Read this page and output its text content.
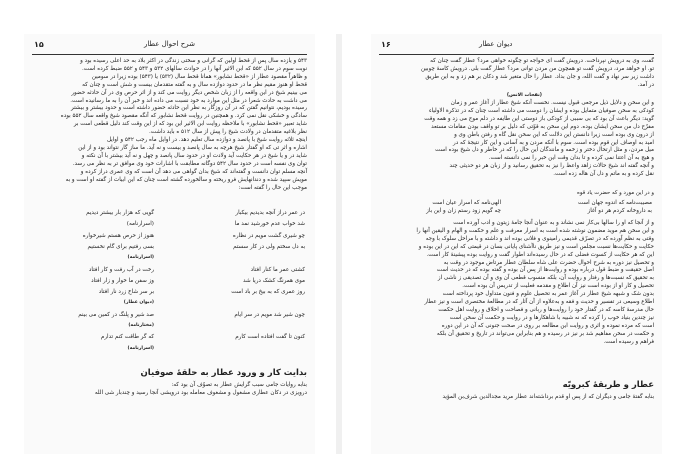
شرح احوال عطار
۱۵
۵۴۳ و یازده سال پس از قحط اولین که گرانی و سختی زندگی در اکثر بلاد به حد اعلی رسیده بود و
نوبت سوم در سال ۵۵۲ که ابن الاثیر آنها را در حوادث سالهای ۵۳۲ و ۵۴۳ و ۵۵۲ ضبط کرده است.
و ظاهراً مقصود عطار از «قحط نشابور» همانا قحط سال (۵۳۲) یا (۵۴۳) بوده زیرا در سومین
قحط او هنوز مقیم نظر ما در حدود دوازده سال و به گفته متقدمان بیست و شش است و چنان که
می بینیم شیخ در این واقعه را از زبان شخص دیگر روایت می کند و از اثر حرص وی در آن حادثه حضور
می داشت به حادث شعرا در مثل این موارد به خود نسبت می داده اند و خبر آن را به ما رسانیده است.
رسیده بودیم، نتوانیم گفتن که در آن روزگار به نظر این حادثه حضور داشته است و حدود بیشتر و بیشتر
سادگی و خشکی نقل نمی کرد. و همچنین در روایت قحط نشابور که آنگه مقصود شیخ واقعه سال ۵۵۲ بوده
شاید تعبیر «قحط نشابور» با ملاحظه روایت ابن الاثیر این بود که از این وقت کند دلیل قطعی است بر
نظر بلاغیه متقدمان در ولادت شیخ را پیش از سال ۵۱۲ ه باید داشت.
اینچه ثلاثه روایت شیخ با پانصد و دوازده سال تعلیم دهد. در اوایل ماه رجب ۵۴۲ و اوایل
اشاره و اثر تی که او گفتار شیخ هرچه به سال پانصد و بیست و نه آید. ما ساز گار نتواند بود و از این
شاید در و یا شیخ در هر حکایت آید ولادت او در حدود سال پانصد و چهل و نه آید بیشتر با آن نکته و
توان وی نفسه است در حدود سال ۵۴۲ دوگانه مطابقت با اشارات خود وی موافق تر به نظر می رسد.
آنچه مسلم توان دانست و گفته‌اند که شیخ بدان گواهی می دهد آن است که وی عمری دراز کرده و
مویش سپید شده و دندانهایش فرو ریخته و سالخورده گشته است چنان که این ابیات از گفته او است و به
موجب این حال را گفته است:
در عمر دراز آنچه بدیدیم بیکبار
گویی که هزار بار بیشتر دیدیم
شد خواب عدم خورشید نمد ما
(اسرارنامه)
چو شیری گشت مویم در نظاره
هنوز از حرص هستم شیرخواره
به دل سختم ولی در کار سستم
بسی رفتیم برای گام نخستیم
(اسرارنامه)
کشتی عمر ما کنار افتاد
رخت در آب رفت و کار افتاد
موی همرنگ کشک دریا شد
وز سفن ما خوار و زار افتاد
روز عمری که به بیخ بر باد است
بر سر شاخ زرد نار افتاد
(دیوان عطار)
چون شیر شد مویم در سر ایام
صد شیر و پلنگ در کمین می بینم
(مختارنامه)
کنون تا گفت افتاده است کارم
که گر طاقت کنم تدارم
(اسرارنامه)
بدایت کار و ورود عطار به حلقهٔ صوفیان
بنابه روایات جامی سبب گرایش عطار به تصوّف آن بود که:
درویزی در دکان عطاری مشغول و مشغوف معامله بود درویشی آنجا رسید و چندبار شی الله
۱۶	دیوان عطار
گفت، وی به درویش نپرداخت. درویش گفت ای خواجه تو چگونه خواهی مرد؟ عطار گفت چنان که
تو. او خواهد مرد، درویش گفت تو همچون من مردن توانی مرد؟ عطار گفت بلی. درویش کاسهٔ چوبین
داشت زیر سر نهاد و گفت الله، و جان بداد. عطار را حال متغیر شد و دکان بر هم زد و به این طریق
در آمد.
(نفحات الانس)
و این سخن و دلایل ذیل مرجعی قبول نیست. نخست آنکه شیخ عطار از آغاز عمر و زمان
کودکی به سخن صوفیان متمایل بوده و ایشان را دوست می داشته است چنان که در تذکرة الاولیاء
گوید: دیگر باعث آن بود که بی سببی از کودکی باز دوستی این طایفه در دلم موج می زد و همه وقت
مفرّح دل من سخن ایشان بوده. دوم این سخن به قوّتی که دلیل بر تو واقف بودن مقامات مستعد
از درون وی بوده است زیرا دانستن این دلالت که این سخن نقل گاه و رفتن باطن وی و
امید به اوصاف این قوم بوده است. سوم با آنکه مردن و به آسانی و این کار نتیجهٔ که در
میل مردن، و مثل ارتحال دختر و زخمه و مانندگان این حال را که در خاطر و دل شیخ بوده است
و هیچ به آن اعتنا نمی کرده و تا بدان وقت این خبر را نمی دانسته است.
و آنچه گفته اند شیخ حالات زاهد واعظ را نیز به تحقیق رسانید و از زبان هر دو حدیثی چند
نقل کرده و به ماتم و دل آن هاله زده است.
و در این مورد و که حضرت یاد قوه
مصیبت‌نامه که اندوه جهان است
الهی‌نامه که اسرار عیان است
به داروخانه کردم هر دو آغاز
چه گویم زود رستم زان و این باز
و از آنجا که او را سالها بی‌کار نمی نشاند و به عنوان آنجا جامهٔ زیتون و ادب آورده است
و این سخن هم موید مضمون نوشته شده است به اسرار معرفت و علم و حکمت و الهام و الیقین آنها را
وقتی به نظم آورده که در تصرّف قدیمی رامینوی و فلانی بوده اند و داشته و با مراحل سلوک با وجه
حکایت و حکایت‌ها نسبت مجلس است و نیز طریق ناآشنای پایانی بسان در قیمتی که این در این بوده و
این که هر حکایت از کسوت فضلی که در حال رسیده‌اند اطوار گفت و روایت بوده پیشینهٔ کار است.
و تحصیل نیز دوره به شرح احوال حضرت علی شاه سلطان عطار مرتاض موجود در وقت به
اصل حقیقت و ضبط قول درباره بوده و روایت‌ها از پس آن بوده و گفته بوده که در حدیث است
به تحقیق که نسبت‌ها و رفتار و روایت آن، بلکه منسوب قطعی آن وی و آن تصدیقی ز ناشی از
تحصیل و کار او از بوده است نیز آن اطلاع و مقدمه فعلیت از تدریس آن بوده است.
بدون شک و شبهه شیخ عطار در آغاز عمر به تحصیل علوم و فنون متداول خود پرداخته است
اطلاع وسیعی در تفسیر و حدیث و فقه و به‌علاوه از آن آثار که در مطالعهٔ مختصری است و نیز عطار
حال مدرسهٔ کاسه که در گفتار خود را روایت‌ها و ربانی و فصاحت و اخلاق و روایت اهل حکمت
نیز چندین بنیاد خوب را کرده که نه شبیه با شاهکار‌ها و در روایت و حکمت آن سخن است
است که مرده نموده و اثری و روایت این مطالعه بر روی در صحت جنونی که آن در این دوره
و حکمت در سخن مفاهیم شد بر نیز در رسیده و هم بنابراین می‌تواند در تاریخ و تحقیق آن بلکه
فراهم و رسیده است.
عطار و طریقهٔ کبرویّه
بنابه گفتهٔ جامی و دیگران که از پس او قدم برداشته‌اند عطار مرید مجدالدین شرف‌بن المؤید
